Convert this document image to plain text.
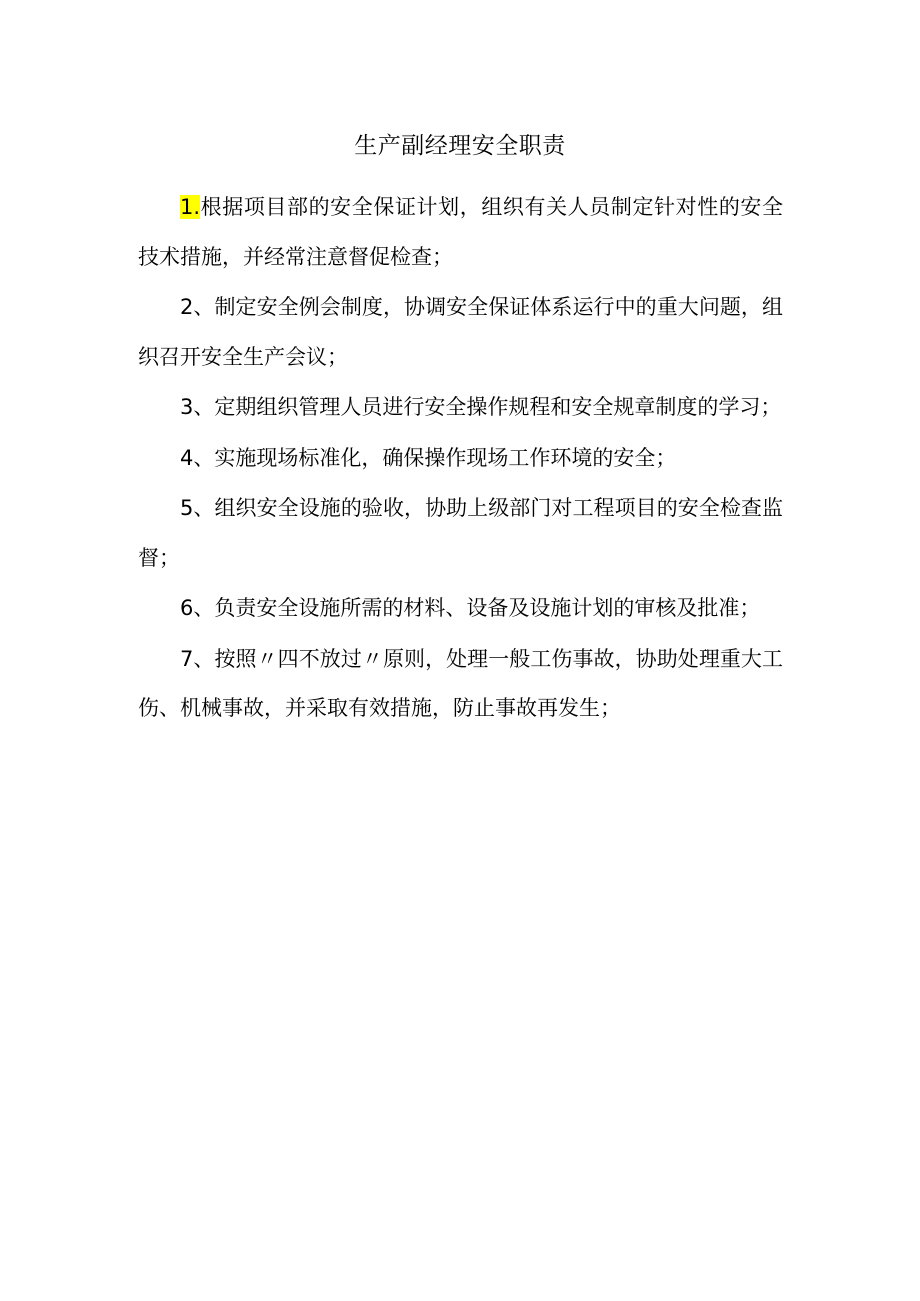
生产副经理安全职责
1.根据项目部的安全保证计划，组织有关人员制定针对性的安全技术措施，并经常注意督促检查；
2、制定安全例会制度，协调安全保证体系运行中的重大问题，组织召开安全生产会议；
3、定期组织管理人员进行安全操作规程和安全规章制度的学习；
4、实施现场标准化，确保操作现场工作环境的安全；
5、组织安全设施的验收，协助上级部门对工程项目的安全检查监督；
6、负责安全设施所需的材料、设备及设施计划的审核及批准；
7、按照〃四不放过〃原则，处理一般工伤事故，协助处理重大工伤、机械事故，并采取有效措施，防止事故再发生；
